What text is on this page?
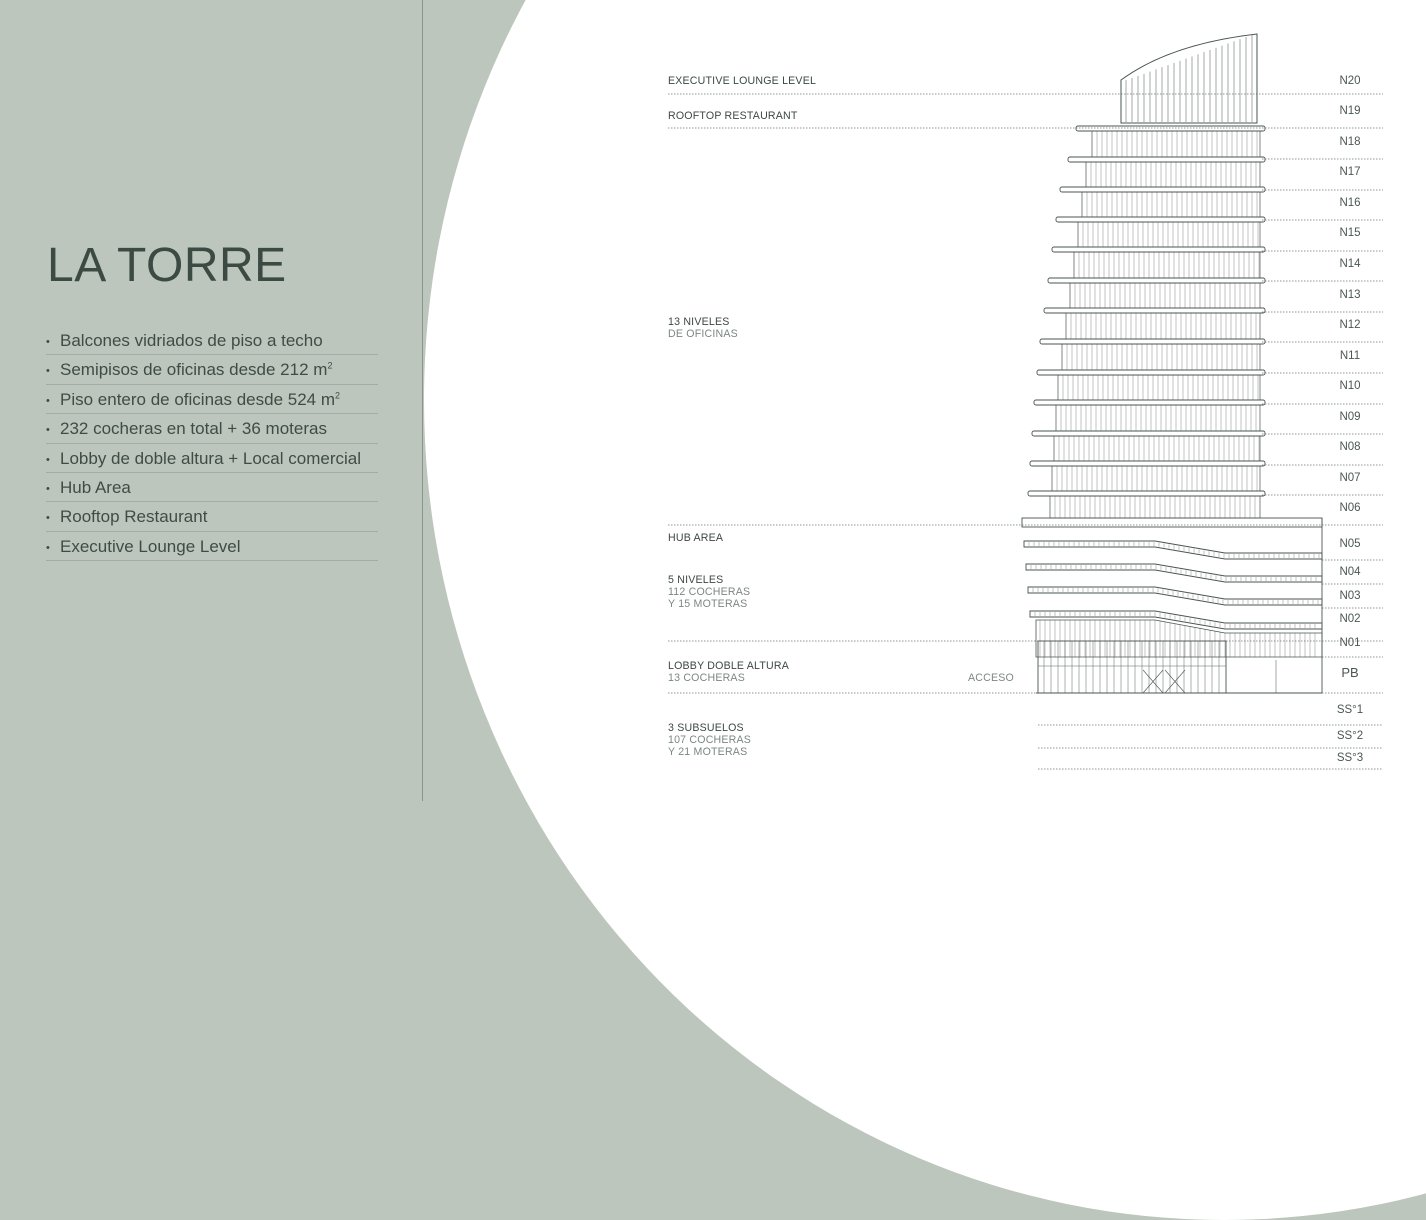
LA TORRE
• Balcones vidriados de piso a techo
• Semipisos de oficinas desde 212 $m^2$
• Piso entero de oficinas desde 524 $m^2$
• 232 cocheras en total + 36 moteras
• Lobby de doble altura + Local comercial
• Hub Area
• Rooftop Restaurant
• Executive Lounge Level
EXECUTIVE LOUNGE LEVEL
ROOFTOP RESTAURANT
13 NIVELES
DE OFICINAS
HUB AREA
5 NIVELES
112 COCHERAS
Y 15 MOTERAS
LOBBY DOBLE ALTURA
13 COCHERAS	ACCESO
3 SUBSUELOS
107 COCHERAS
Y 21 MOTERAS
N20
N19
N18
N17
N16
N15
N14
N13
N12
N11
N10
N09
N08
N07
N06
N05
N04
N03
N02
N01
PB
SS°1
SS°2
SS°3
